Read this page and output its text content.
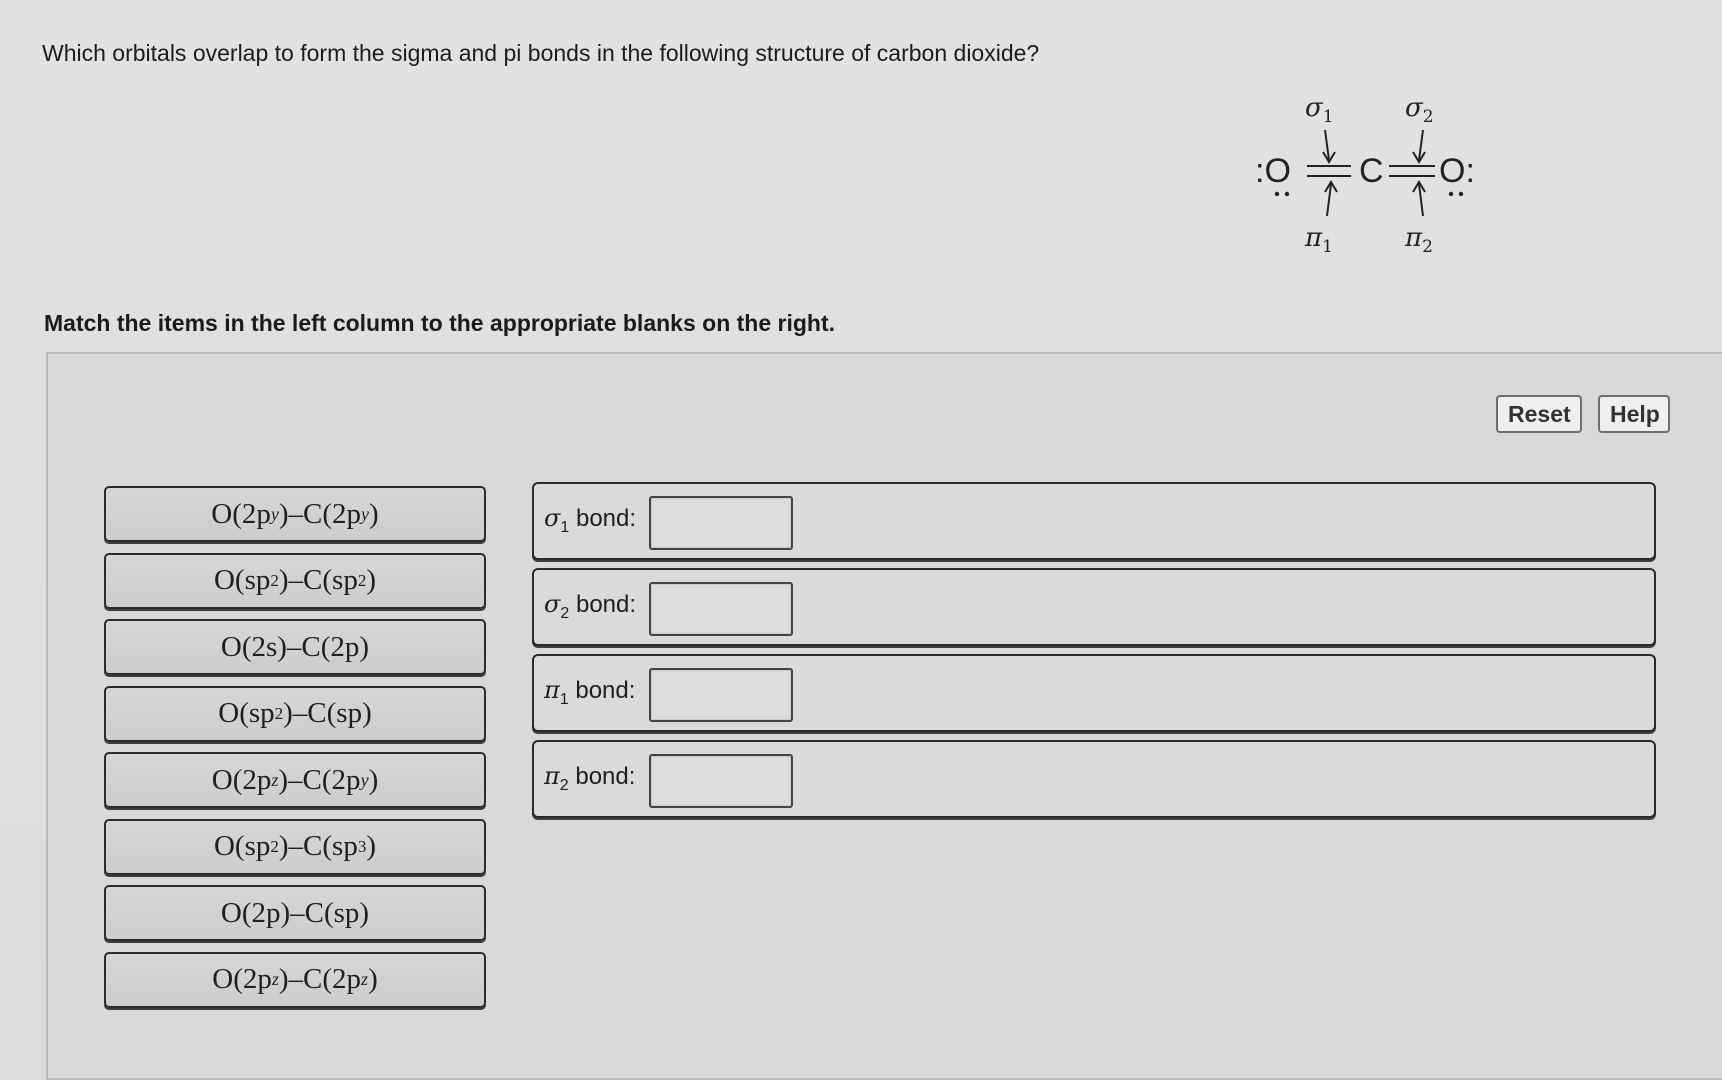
Which orbitals overlap to form the sigma and pi bonds in the following structure of carbon dioxide?
$\sigma_1$	$\sigma_2$
:O C O:
$\pi_1$	$\pi_2$
Match the items in the left column to the appropriate blanks on the right.
Reset	Help
O(2p y )–C(2p y )
O(sp 2 )–C(sp 2 )
O(2s)–C(2p)
O(sp 2 )–C(sp)
O(2p z )–C(2p y )
O(sp 2 )–C(sp 3 )
O(2p)–C(sp)
O(2p z )–C(2p z )
$\sigma_1$ bond:
$\sigma_2$ bond:
$\pi_1$ bond:
$\pi_2$ bond:
